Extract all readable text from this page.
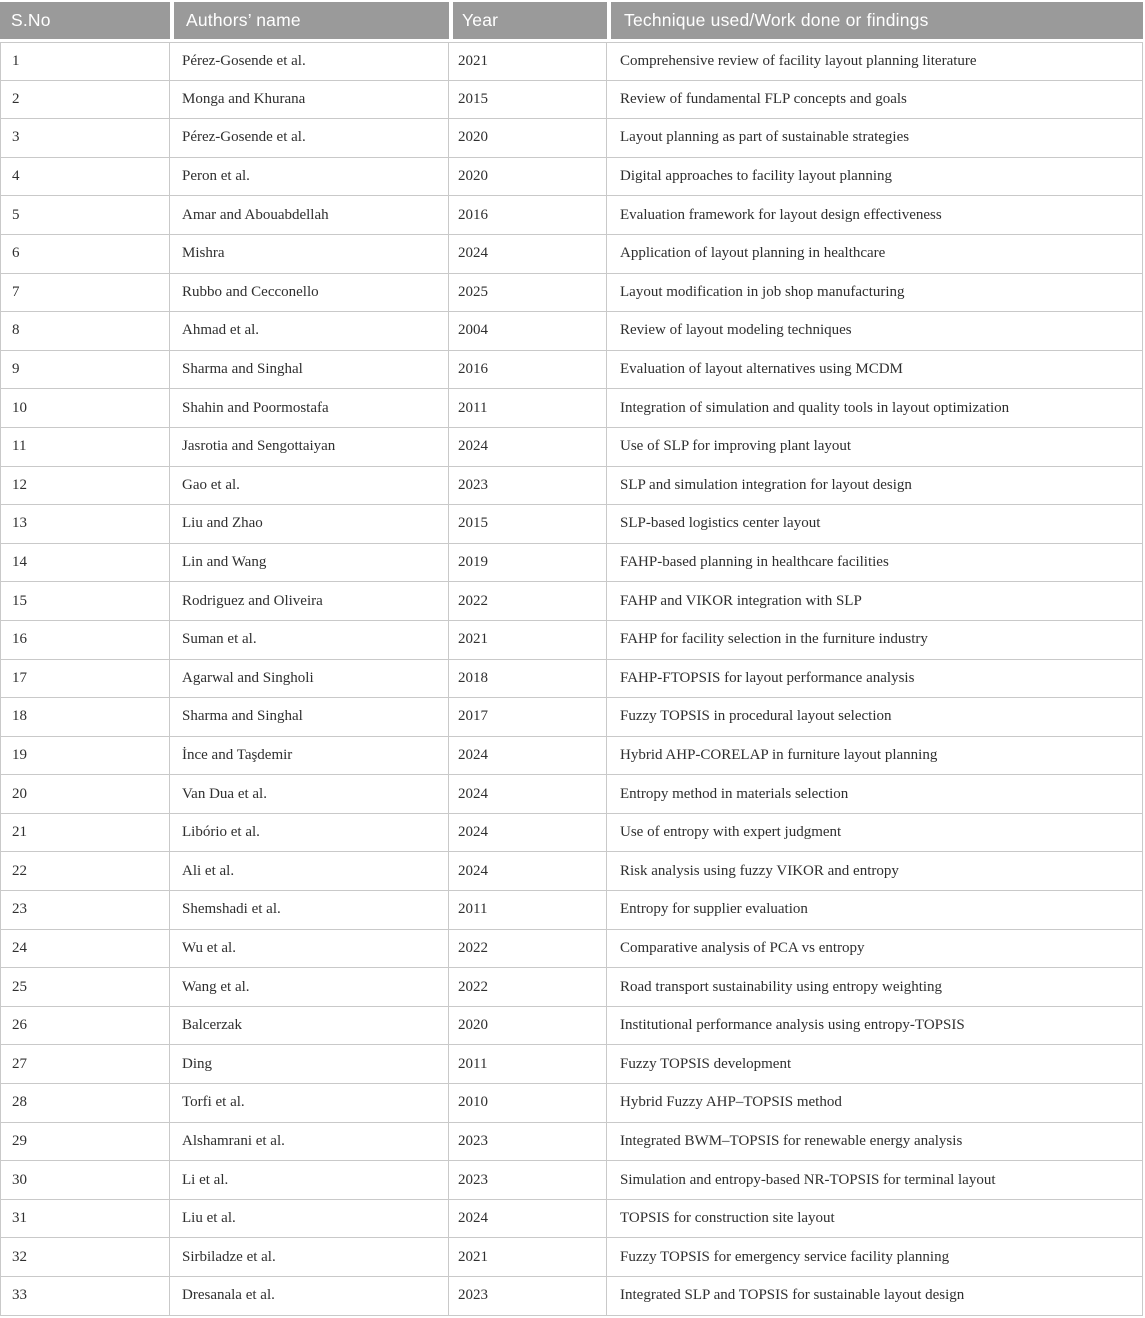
S.No	Authors’ name	Year	Technique used/Work done or findings

1	Pérez-Gosende et al.	2021	Comprehensive review of facility layout planning literature
2	Monga and Khurana	2015	Review of fundamental FLP concepts and goals
3	Pérez-Gosende et al.	2020	Layout planning as part of sustainable strategies
4	Peron et al.	2020	Digital approaches to facility layout planning
5	Amar and Abouabdellah	2016	Evaluation framework for layout design effectiveness
6	Mishra	2024	Application of layout planning in healthcare
7	Rubbo and Cecconello	2025	Layout modification in job shop manufacturing
8	Ahmad et al.	2004	Review of layout modeling techniques
9	Sharma and Singhal	2016	Evaluation of layout alternatives using MCDM
10	Shahin and Poormostafa	2011	Integration of simulation and quality tools in layout optimization
11	Jasrotia and Sengottaiyan	2024	Use of SLP for improving plant layout
12	Gao et al.	2023	SLP and simulation integration for layout design
13	Liu and Zhao	2015	SLP-based logistics center layout
14	Lin and Wang	2019	FAHP-based planning in healthcare facilities
15	Rodriguez and Oliveira	2022	FAHP and VIKOR integration with SLP
16	Suman et al.	2021	FAHP for facility selection in the furniture industry
17	Agarwal and Singholi	2018	FAHP-FTOPSIS for layout performance analysis
18	Sharma and Singhal	2017	Fuzzy TOPSIS in procedural layout selection
19	İnce and Taşdemir	2024	Hybrid AHP-CORELAP in furniture layout planning
20	Van Dua et al.	2024	Entropy method in materials selection
21	Libório et al.	2024	Use of entropy with expert judgment
22	Ali et al.	2024	Risk analysis using fuzzy VIKOR and entropy
23	Shemshadi et al.	2011	Entropy for supplier evaluation
24	Wu et al.	2022	Comparative analysis of PCA vs entropy
25	Wang et al.	2022	Road transport sustainability using entropy weighting
26	Balcerzak	2020	Institutional performance analysis using entropy-TOPSIS
27	Ding	2011	Fuzzy TOPSIS development
28	Torfi et al.	2010	Hybrid Fuzzy AHP–TOPSIS method
29	Alshamrani et al.	2023	Integrated BWM–TOPSIS for renewable energy analysis
30	Li et al.	2023	Simulation and entropy-based NR-TOPSIS for terminal layout
31	Liu et al.	2024	TOPSIS for construction site layout
32	Sirbiladze et al.	2021	Fuzzy TOPSIS for emergency service facility planning
33	Dresanala et al.	2023	Integrated SLP and TOPSIS for sustainable layout design
